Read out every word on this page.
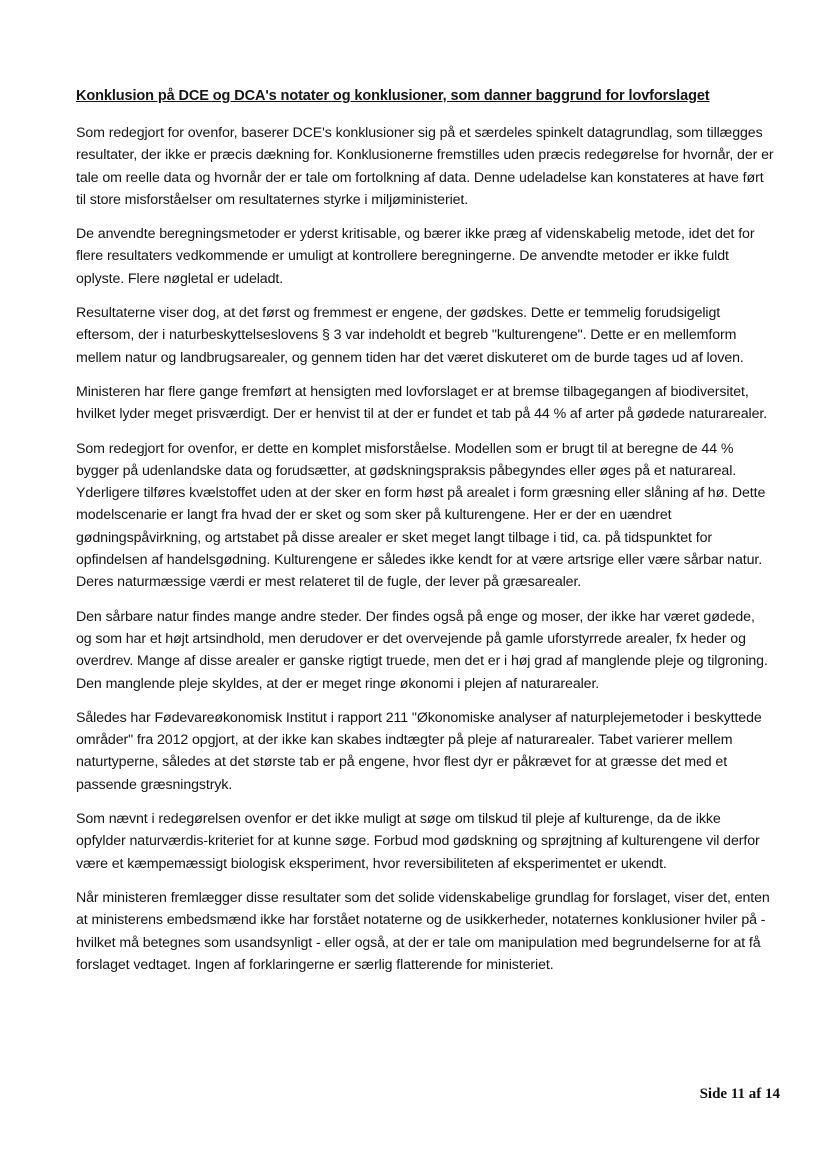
Konklusion på DCE og DCA's notater og konklusioner, som danner baggrund for lovforslaget

Som redegjort for ovenfor, baserer DCE's konklusioner sig på et særdeles spinkelt datagrundlag, som tillægges resultater, der ikke er præcis dækning for. Konklusionerne fremstilles uden præcis redegørelse for hvornår, der er tale om reelle data og hvornår der er tale om fortolkning af data. Denne udeladelse kan konstateres at have ført til store misforståelser om resultaternes styrke i miljøministeriet.

De anvendte beregningsmetoder er yderst kritisable, og bærer ikke præg af videnskabelig metode, idet det for flere resultaters vedkommende er umuligt at kontrollere beregningerne. De anvendte metoder er ikke fuldt oplyste. Flere nøgletal er udeladt.

Resultaterne viser dog, at det først og fremmest er engene, der gødskes. Dette er temmelig forudsigeligt eftersom, der i naturbeskyttelseslovens § 3 var indeholdt et begreb "kulturengene". Dette er en mellemform mellem natur og landbrugsarealer, og gennem tiden har det været diskuteret om de burde tages ud af loven.

Ministeren har flere gange fremført at hensigten med lovforslaget er at bremse tilbagegangen af biodiversitet, hvilket lyder meget prisværdigt. Der er henvist til at der er fundet et tab på 44 % af arter på gødede naturarealer.

Som redegjort for ovenfor, er dette en komplet misforståelse. Modellen som er brugt til at beregne de 44 % bygger på udenlandske data og forudsætter, at gødskningspraksis påbegyndes eller øges på et naturareal. Yderligere tilføres kvælstoffet uden at der sker en form høst på arealet i form græsning eller slåning af hø. Dette modelscenarie er langt fra hvad der er sket og som sker på kulturengene. Her er der en uændret gødningspåvirkning, og artstabet på disse arealer er sket meget langt tilbage i tid, ca. på tidspunktet for opfindelsen af handelsgødning. Kulturengene er således ikke kendt for at være artsrige eller være sårbar natur. Deres naturmæssige værdi er mest relateret til de fugle, der lever på græsarealer.

Den sårbare natur findes mange andre steder. Der findes også på enge og moser, der ikke har været gødede, og som har et højt artsindhold, men derudover er det overvejende på gamle uforstyrrede arealer, fx heder og overdrev. Mange af disse arealer er ganske rigtigt truede, men det er i høj grad af manglende pleje og tilgroning. Den manglende pleje skyldes, at der er meget ringe økonomi i plejen af naturarealer.

Således har Fødevareøkonomisk Institut i rapport 211 "Økonomiske analyser af naturplejemetoder i beskyttede områder" fra 2012 opgjort, at der ikke kan skabes indtægter på pleje af naturarealer. Tabet varierer mellem naturtyperne, således at det største tab er på engene, hvor flest dyr er påkrævet for at græsse det med et passende græsningstryk.

Som nævnt i redegørelsen ovenfor er det ikke muligt at søge om tilskud til pleje af kulturenge, da de ikke opfylder naturværdis-kriteriet for at kunne søge. Forbud mod gødskning og sprøjtning af kulturengene vil derfor være et kæmpemæssigt biologisk eksperiment, hvor reversibiliteten af eksperimentet er ukendt.

Når ministeren fremlægger disse resultater som det solide videnskabelige grundlag for forslaget, viser det, enten at ministerens embedsmænd ikke har forstået notaterne og de usikkerheder, notaternes konklusioner hviler på - hvilket må betegnes som usandsynligt - eller også, at der er tale om manipulation med begrundelserne for at få forslaget vedtaget. Ingen af forklaringerne er særlig flatterende for ministeriet.

Side 11 af 14
